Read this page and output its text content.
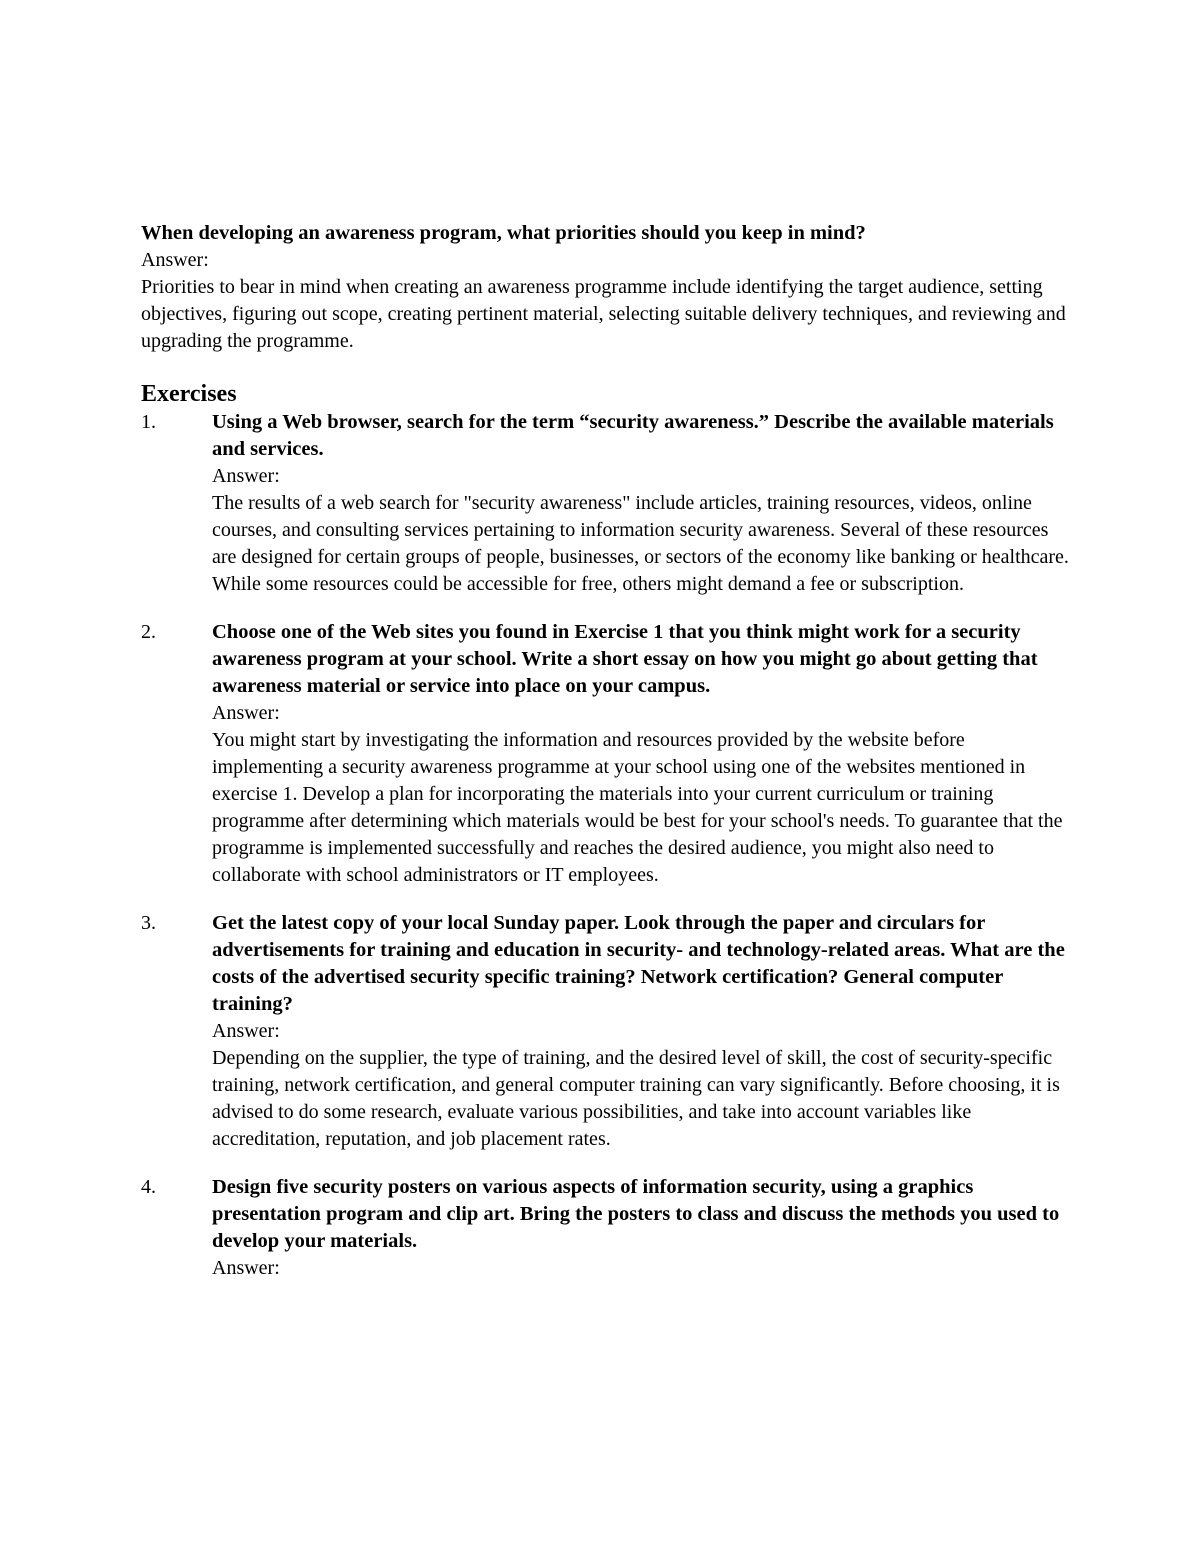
When developing an awareness program, what priorities should you keep in mind?

Answer:

Priorities to bear in mind when creating an awareness programme include identifying the target audience, setting objectives, figuring out scope, creating pertinent material, selecting suitable delivery techniques, and reviewing and upgrading the programme.

Exercises
1.	Using a Web browser, search for the term “security awareness.” Describe the available materials and services.

Answer:

The results of a web search for "security awareness" include articles, training resources, videos, online courses, and consulting services pertaining to information security awareness. Several of these resources are designed for certain groups of people, businesses, or sectors of the economy like banking or healthcare. While some resources could be accessible for free, others might demand a fee or subscription.

2.	Choose one of the Web sites you found in Exercise 1 that you think might work for a security awareness program at your school. Write a short essay on how you might go about getting that awareness material or service into place on your campus.

Answer:

You might start by investigating the information and resources provided by the website before implementing a security awareness programme at your school using one of the websites mentioned in exercise 1. Develop a plan for incorporating the materials into your current curriculum or training programme after determining which materials would be best for your school's needs. To guarantee that the programme is implemented successfully and reaches the desired audience, you might also need to collaborate with school administrators or IT employees.

3.	Get the latest copy of your local Sunday paper. Look through the paper and circulars for advertisements for training and education in security- and technology-related areas. What are the costs of the advertised security specific training? Network certification? General computer training?

Answer:

Depending on the supplier, the type of training, and the desired level of skill, the cost of security-specific training, network certification, and general computer training can vary significantly. Before choosing, it is advised to do some research, evaluate various possibilities, and take into account variables like accreditation, reputation, and job placement rates.

4.	Design five security posters on various aspects of information security, using a graphics presentation program and clip art. Bring the posters to class and discuss the methods you used to develop your materials.

Answer:
